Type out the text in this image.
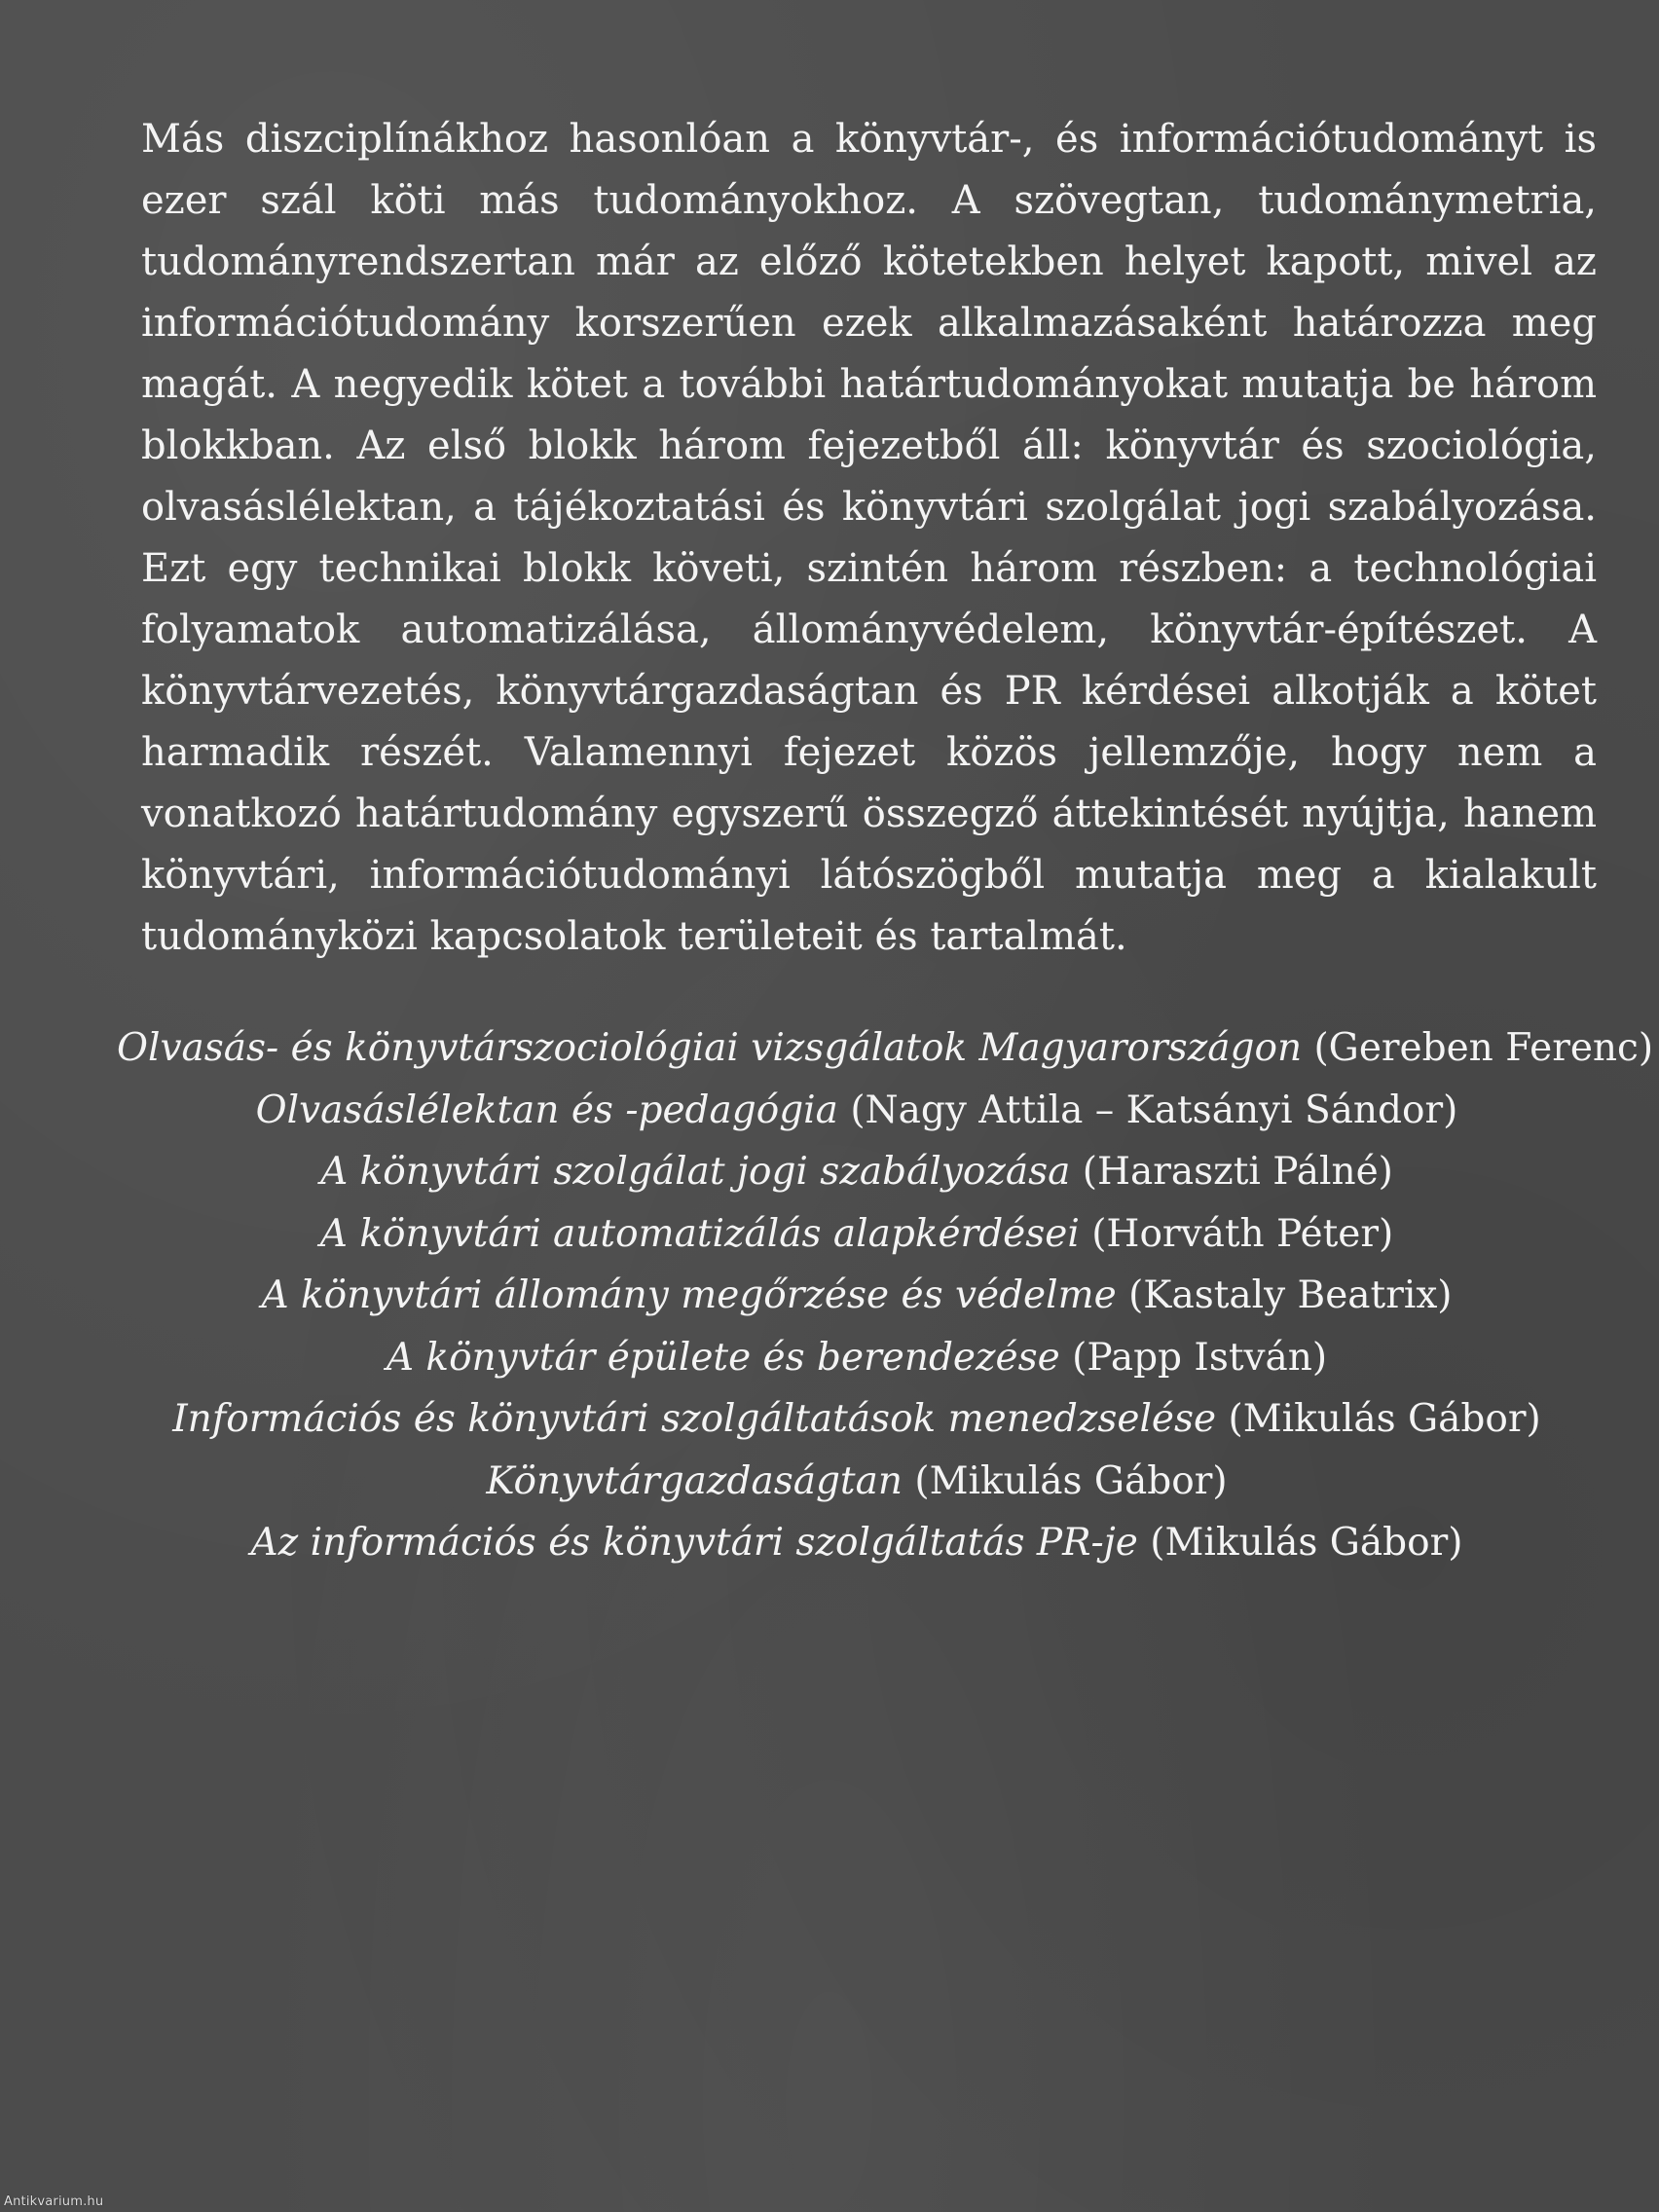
Más diszciplínákhoz hasonlóan a könyvtár-, és információtudományt is ezer szál köti más tudományokhoz. A szövegtan, tudománymetria, tudományrendszertan már az előző kötetekben helyet kapott, mivel az információtudomány korszerűen ezek alkalmazásaként határozza meg magát. A negyedik kötet a további határtudományokat mutatja be három blokkban. Az első blokk három fejezetből áll: könyvtár és szociológia, olvasáslélektan, a tájékoztatási és könyvtári szolgálat jogi szabályozása. Ezt egy technikai blokk követi, szintén három részben: a technológiai folyamatok automatizálása, állományvédelem, könyvtár-építészet. A könyvtárvezetés, könyvtárgazdaságtan és PR kérdései alkotják a kötet harmadik részét. Valamennyi fejezet közös jellemzője, hogy nem a vonatkozó határtudomány egyszerű összegző áttekintését nyújtja, hanem könyvtári, információtudományi látószögből mutatja meg a kialakult tudományközi kapcsolatok területeit és tartalmát.

Olvasás- és könyvtárszociológiai vizsgálatok Magyarországon (Gereben Ferenc)
Olvasáslélektan és -pedagógia (Nagy Attila – Katsányi Sándor)
A könyvtári szolgálat jogi szabályozása (Haraszti Pálné)
A könyvtári automatizálás alapkérdései (Horváth Péter)
A könyvtári állomány megőrzése és védelme (Kastaly Beatrix)
A könyvtár épülete és berendezése (Papp István)
Információs és könyvtári szolgáltatások menedzselése (Mikulás Gábor)
Könyvtárgazdaságtan (Mikulás Gábor)
Az információs és könyvtári szolgáltatás PR-je (Mikulás Gábor)
Antikvarium.hu
